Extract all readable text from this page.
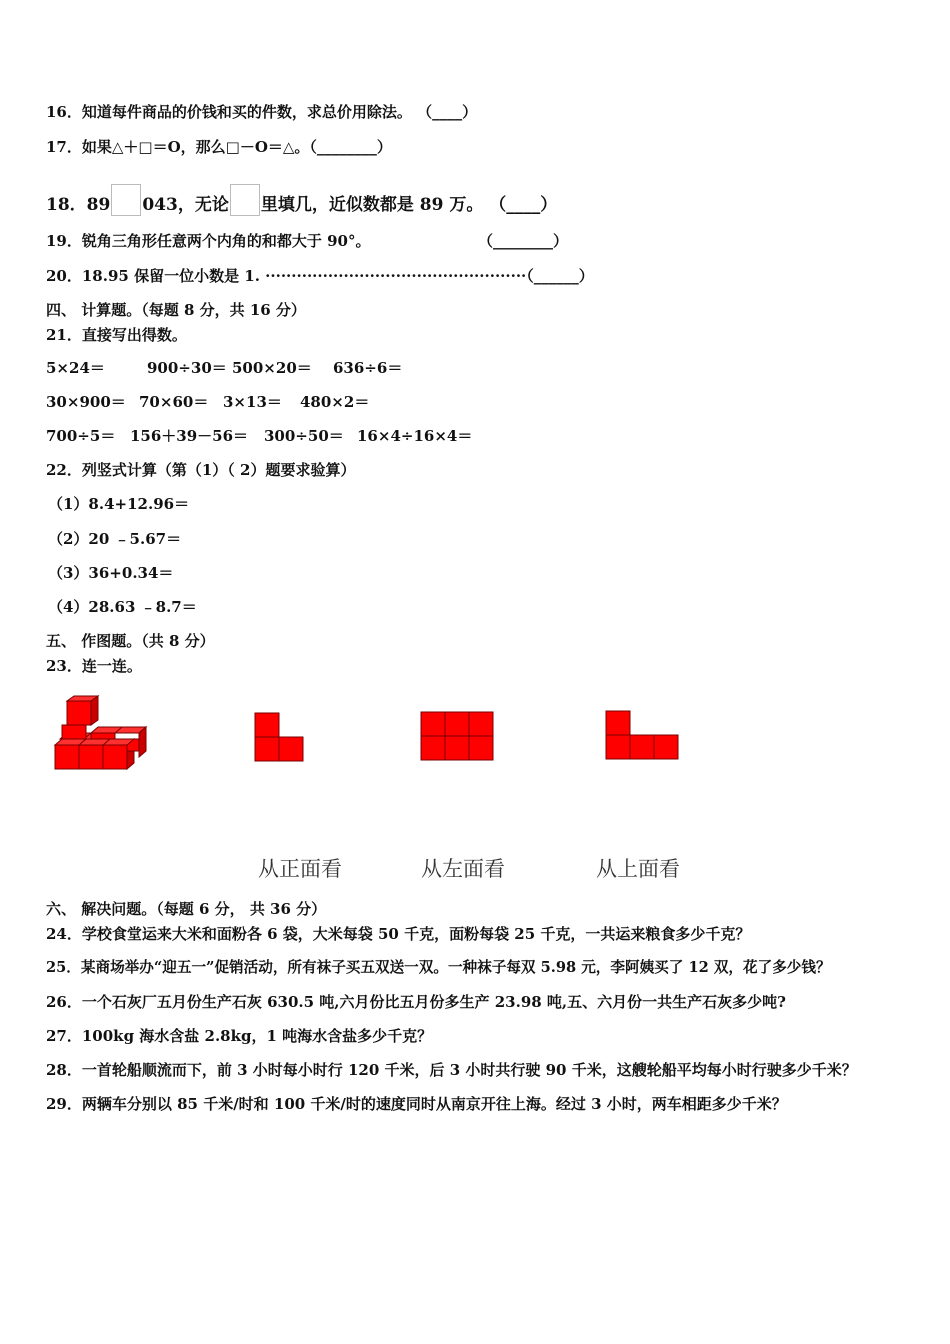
16．知道每件商品的价钱和买的件数，求总价用除法。 （____）
17．如果△＋□＝O，那么□－O＝△。（________）
18．89 043，无论 里填几，近似数都是 89 万。 （____）
19．锐角三角形任意两个内角的和都大于 90°。	（________）
20．18.95 保留一位小数是 1. ··················································（______）
四、 计算题。（每题 8 分，共 16 分）
21．直接写出得数。
5×24＝	900÷30＝ 500×20＝ 636÷6＝
30×900＝ 70×60＝ 3×13＝ 480×2＝
700÷5＝ 156＋39－56＝ 300÷50＝ 16×4÷16×4＝
22．列竖式计算（第（1）（ 2）题要求验算）
（1）8.4+12.96＝
（2）20 ﹣5.67＝
（3）36+0.34＝
（4）28.63 ﹣8.7＝
五、 作图题。（共 8 分）
23．连一连。
从正面看	从左面看	从上面看
六、 解决问题。（每题 6 分， 共 36 分）
24．学校食堂运来大米和面粉各 6 袋，大米每袋 50 千克，面粉每袋 25 千克，一共运来粮食多少千克？
25．某商场举办“迎五一”促销活动，所有袜子买五双送一双。一种袜子每双 5.98 元，李阿姨买了 12 双，花了多少钱？
26．一个石灰厂五月份生产石灰 630.5 吨,六月份比五月份多生产 23.98 吨,五、六月份一共生产石灰多少吨?
27．100kg 海水含盐 2.8kg，1 吨海水含盐多少千克？
28．一首轮船顺流而下，前 3 小时每小时行 120 千米，后 3 小时共行驶 90 千米，这艘轮船平均每小时行驶多少千米？
29．两辆车分别以 85 千米/时和 100 千米/时的速度同时从南京开往上海。经过 3 小时，两车相距多少千米？
